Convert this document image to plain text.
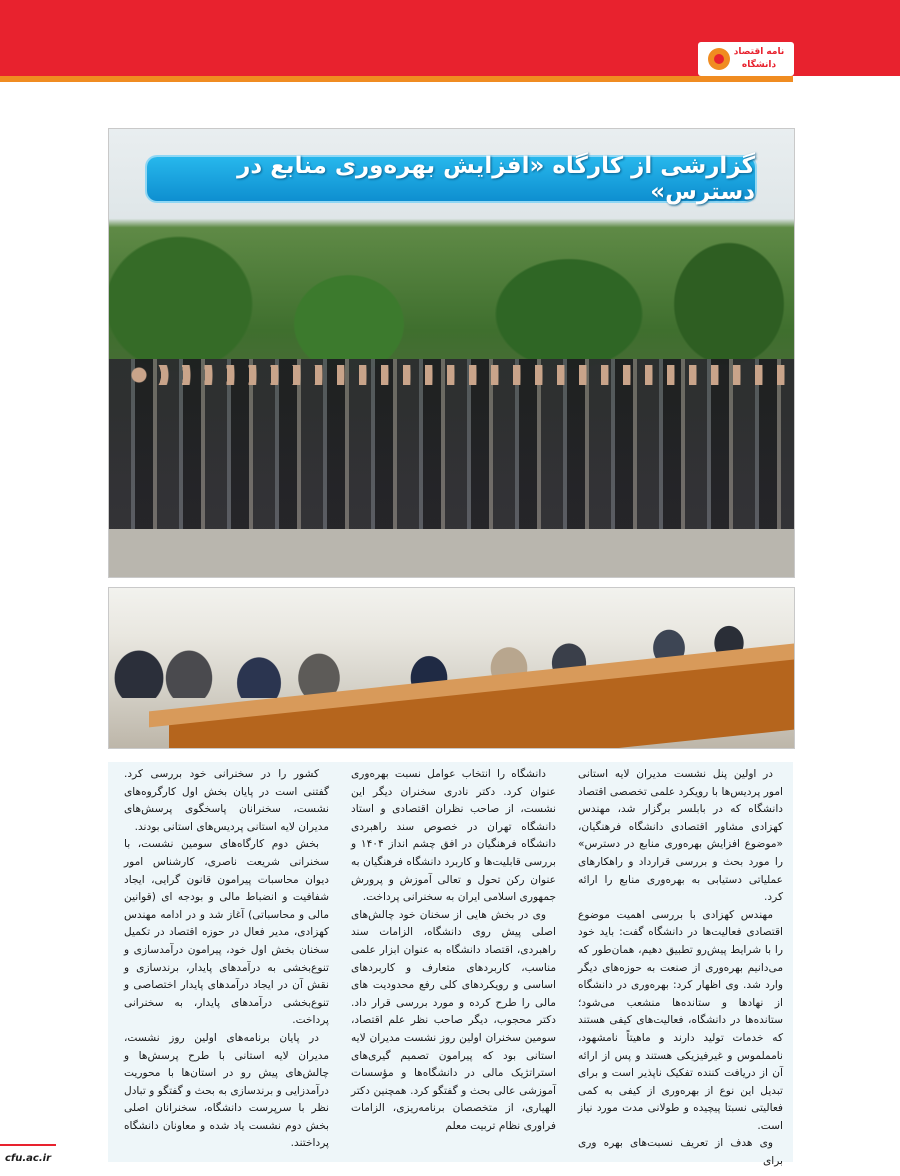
نامه اقتصاد
دانشگاه
گزارشی از کارگاه «افزایش بهره‌وری منابع در دسترس»

در اولین پنل نشست مدیران لایه استانی امور پردیس‌ها با رویکرد علمی تخصصی اقتصاد دانشگاه که در بابلسر برگزار شد، مهندس کهزادی مشاور اقتصادی دانشگاه فرهنگیان، «موضوع افزایش بهره‌وری منابع در دسترس» را مورد بحث و بررسی قرارداد و راهکارهای عملیاتی دستیابی به بهره‌وری منابع را ارائه کرد.

مهندس کهزادی با بررسی اهمیت موضوع اقتصادی فعالیت‌ها در دانشگاه گفت: باید خود را با شرایط پیش‌رو تطبیق دهیم، همان‌طور که می‌دانیم بهره‌وری از صنعت به حوزه‌های دیگر وارد شد. وی اظهار کرد: بهره‌وری در دانشگاه از نهادها و ستانده‌ها منشعب می‌شود؛ ستانده‌ها در دانشگاه، فعالیت‌های کیفی هستند که خدمات تولید دارند و ماهیتاً نامشهود، نامملموس و غیرفیزیکی هستند و پس از ارائه آن از دریافت کننده تفکیک ناپذیر است و برای تبدیل این نوع از بهره‌وری از کیفی به کمی فعالیتی نسبتا پیچیده و طولانی مدت مورد نیاز است.

وی هدف از تعریف نسبت‌های بهره وری برای

دانشگاه را انتخاب عوامل نسبت بهره‌وری عنوان کرد. دکتر نادری سخنران دیگر این نشست، از صاحب نظران اقتصادی و استاد دانشگاه تهران در خصوص سند راهبردی دانشگاه فرهنگیان در افق چشم انداز ۱۴۰۴ و بررسی قابلیت‌ها و کاربرد دانشگاه فرهنگیان به عنوان رکن تحول و تعالی آموزش و پرورش جمهوری اسلامی ایران به سخنرانی پرداخت.

وی در بخش هایی از سخنان خود چالش‌های اصلی پیش روی دانشگاه، الزامات سند راهبردی، اقتصاد دانشگاه به عنوان ابزار علمی مناسب، کاربردهای متعارف و کاربردهای اساسی و رویکردهای کلی رفع محدودیت های مالی را طرح کرده و مورد بررسی قرار داد. دکتر محجوب، دیگر صاحب نظر علم اقتصاد، سومین سخنران اولین روز نشست مدیران لایه استانی بود که پیرامون تصمیم گیری‌های استراتژیک مالی در دانشگاه‌ها و مؤسسات آموزشی عالی بحث و گفتگو کرد. همچنین دکتر الهیاری، از متخصصان برنامه‌ریزی، الزامات فراوری نظام تربیت معلم

کشور را در سخنرانی خود بررسی کرد. گفتنی است در پایان بخش اول کارگروه‌های نشست، سخنرانان پاسخگوی پرسش‌های مدیران لایه استانی پردیس‌های استانی بودند.

بخش دوم کارگاه‌های سومین نشست، با سخنرانی شریعت ناصری، کارشناس امور دیوان محاسبات پیرامون قانون گرایی، ایجاد شفافیت و انضباط مالی و بودجه ای (قوانین مالی و محاسباتی) آغاز شد و در ادامه مهندس کهزادی، مدیر فعال در حوزه اقتصاد در تکمیل سخنان بخش اول خود، پیرامون درآمدسازی و تنوع‌بخشی به درآمدهای پایدار، برندسازی و نقش آن در ایجاد درآمدهای پایدار اختصاصی و تنوع‌بخشی درآمدهای پایدار، به سخنرانی پرداخت.

در پایان برنامه‌های اولین روز نشست، مدیران لایه استانی با طرح پرسش‌ها و چالش‌های پیش رو در استان‌ها با محوریت درآمدزایی و برندسازی به بحث و گفتگو و تبادل نظر با سرپرست دانشگاه، سخنرانان اصلی بخش دوم نشست یاد شده و معاونان دانشگاه پرداختند.

cfu.ac.ir
